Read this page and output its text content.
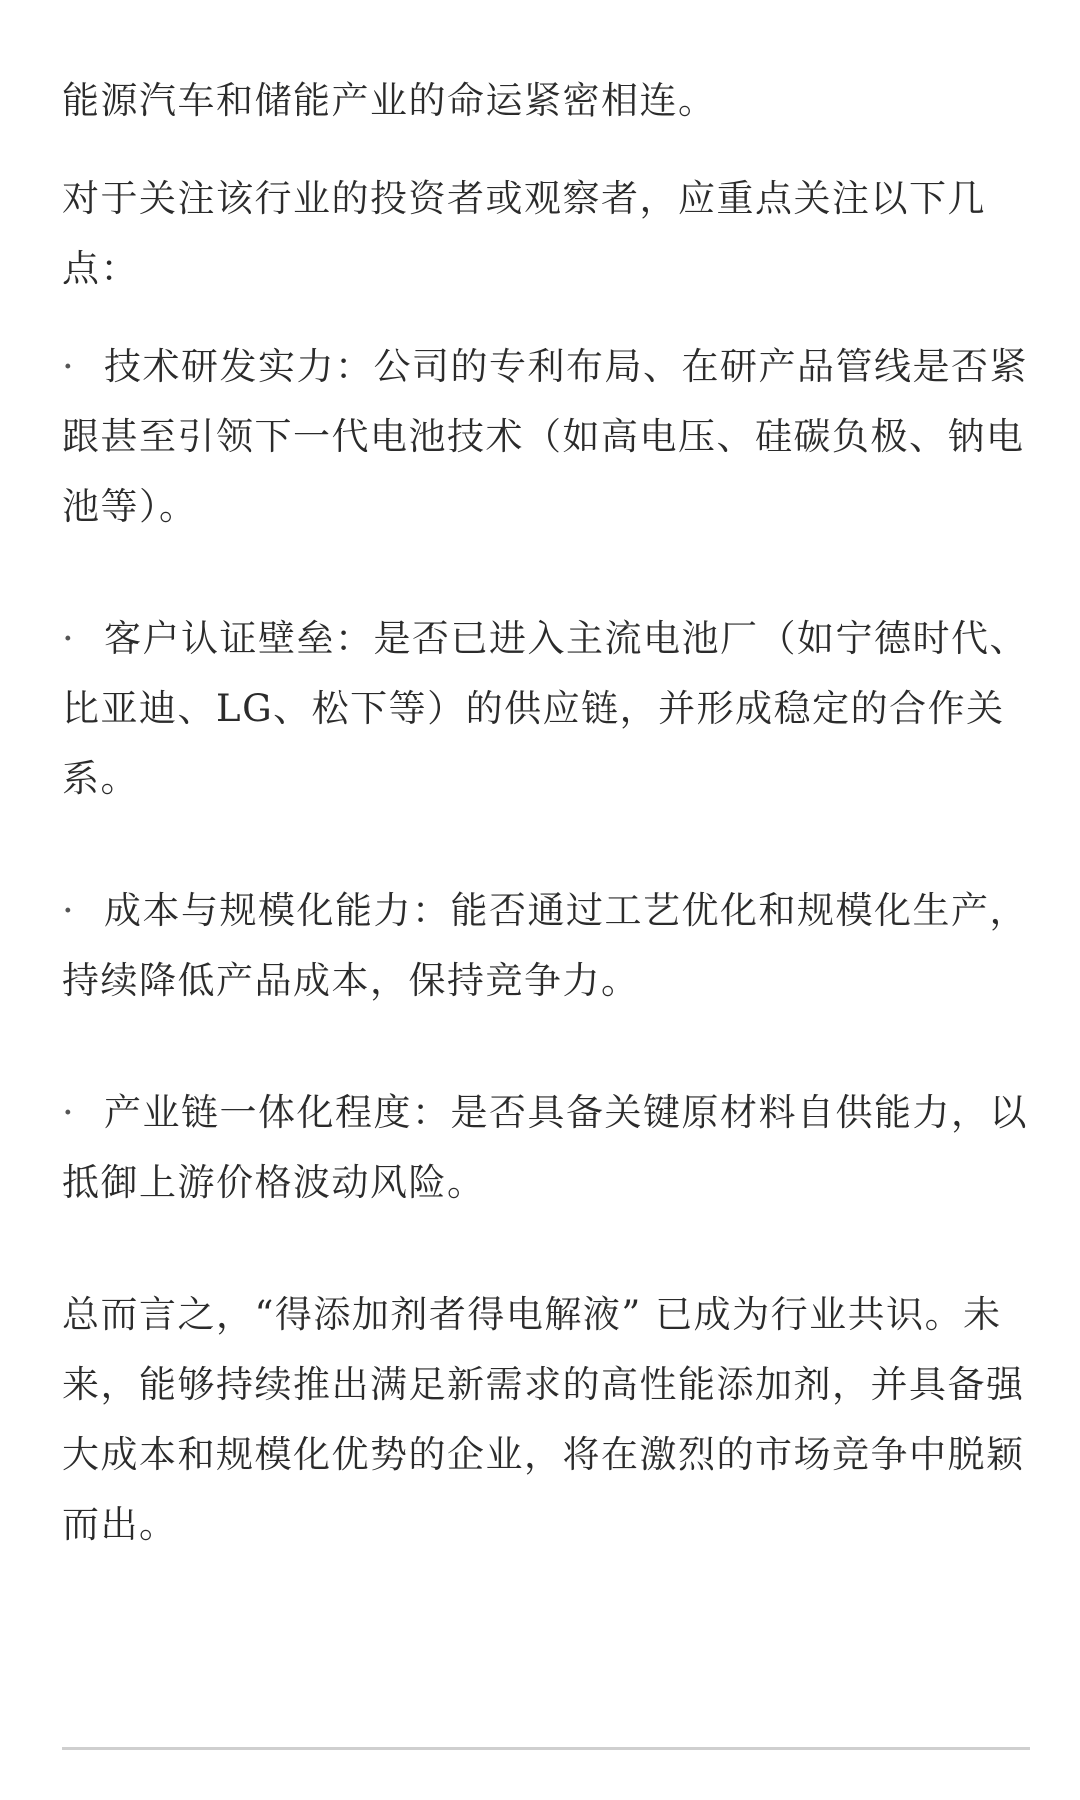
能源汽车和储能产业的命运紧密相连。

对于关注该行业的投资者或观察者，应重点关注以下几点：

· 技术研发实力：公司的专利布局、在研产品管线是否紧跟甚至引领下一代电池技术（如高电压、硅碳负极、钠电池等）。

· 客户认证壁垒：是否已进入主流电池厂（如宁德时代、比亚迪、LG、松下等）的供应链，并形成稳定的合作关系。

· 成本与规模化能力：能否通过工艺优化和规模化生产，持续降低产品成本，保持竞争力。

· 产业链一体化程度：是否具备关键原材料自供能力，以抵御上游价格波动风险。

总而言之，“得添加剂者得电解液” 已成为行业共识。未来，能够持续推出满足新需求的高性能添加剂，并具备强大成本和规模化优势的企业，将在激烈的市场竞争中脱颖而出。
